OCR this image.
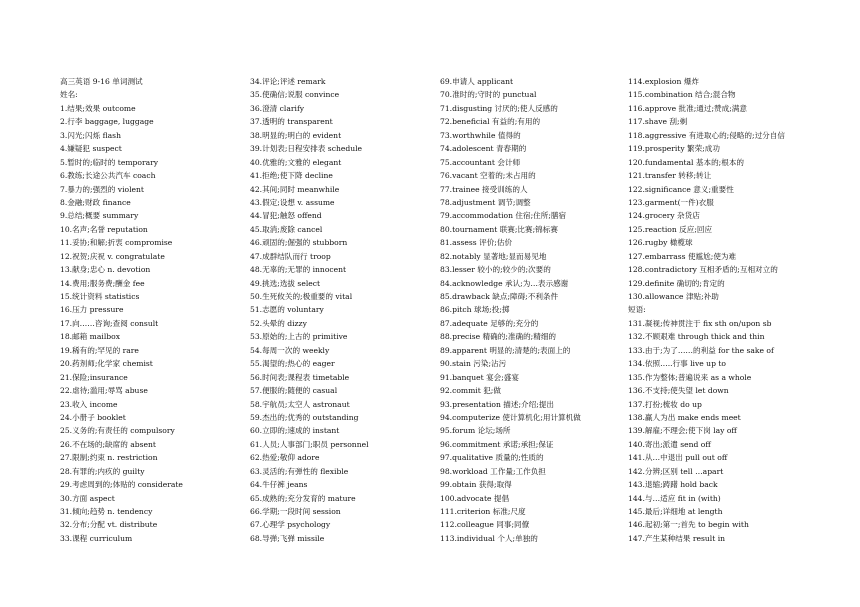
高三英语 9-16 单词测试
姓名:
1.结果;效果 outcome
2.行李 baggage, luggage
3.闪光;闪烁 flash
4.嫌疑犯 suspect
5.暂时的;临时的 temporary
6.教练;长途公共汽车 coach
7.暴力的;强烈的 violent
8.金融;财政 finance
9.总结;概要 summary
10.名声;名誉 reputation
11.妥协;和解;折衷 compromise
12.祝贺;庆祝 v. congratulate
13.献身;忠心 n. devotion
14.费用;服务费;酬金 fee
15.统计资料 statistics
16.压力 pressure
17.向……咨询;查阅 consult
18.邮箱 mailbox
19.稀有的;罕见的 rare
20.药剂师;化学家 chemist
21.保险;insurance
22.虐待;滥用;辱骂 abuse
23.收入 income
24.小册子 booklet
25.义务的;有责任的 compulsory
26.不在场的;缺席的 absent
27.限制;约束 n. restriction
28.有罪的;内疚的 guilty
29.考虑周到的;体贴的 considerate
30.方面 aspect
31.倾向;趋势 n. tendency
32.分布;分配 vt. distribute
33.课程 curriculum
34.评论;评述 remark
35.使确信;说服 convince
36.澄清 clarify
37.透明的 transparent
38.明显的;明白的 evident
39.计划表;日程安排表 schedule
40.优雅的;文雅的 elegant
41.拒绝;使下降 decline
42.其间;同时 meanwhile
43.假定;设想 v. assume
44.冒犯;触怒 offend
45.取消;废除 cancel
46.顽固的;倔强的 stubborn
47.成群结队而行 troop
48.无辜的;无罪的 innocent
49.挑选;选拔 select
50.生死攸关的;极重要的 vital
51.志愿的 voluntary
52.头晕的 dizzy
53.原始的;上古的 primitive
54.每周一次的 weekly
55.渴望的;热心的 eager
56.时间表;课程表 timetable
57.便服的;随便的 casual
58.宇航员;太空人 astronaut
59.杰出的;优秀的 outstanding
60.立即的;速成的 instant
61.人员;人事部门;职员 personnel
62.热爱;敬仰 adore
63.灵活的;有弹性的 flexible
64.牛仔裤 jeans
65.成熟的;充分发育的 mature
66.学期;一段时间 session
67.心理学 psychology
68.导弹;飞弹 missile
69.申请人 applicant
70.准时的;守时的 punctual
71.disgusting 讨厌的;使人反感的
72.beneficial 有益的;有用的
73.worthwhile 值得的
74.adolescent 青春期的
75.accountant 会计师
76.vacant 空着的;未占用的
77.trainee 接受训练的人
78.adjustment 调节;调整
79.accommodation 住宿;住所;膳宿
80.tournament 联赛;比赛;锦标赛
81.assess 评价;估价
82.notably 显著地;显而易见地
83.lesser 较小的;较少的;次要的
84.acknowledge 承认;为…表示感谢
85.drawback 缺点;障碍;不利条件
86.pitch 球场;投;掷
87.adequate 足够的;充分的
88.precise 精确的;准确的;精细的
89.apparent 明显的;清楚的;表面上的
90.stain 污染;沾污
91.banquet 宴会;盛宴
92.commit 犯;做
93.presentation 描述;介绍;提出
94.computerize 使计算机化;用计算机做
95.forum 论坛;场所
96.commitment 承诺;承担;保证
97.qualitative 质量的;性质的
98.workload 工作量;工作负担
99.obtain 获得;取得
100.advocate 提倡
111.criterion 标准;尺度
112.colleague 同事;同僚
113.individual 个人;单独的
114.explosion 爆炸
115.combination 结合;混合物
116.approve 批准;通过;赞成;满意
117.shave 刮;剃
118.aggressive 有进取心的;侵略的;过分自信
119.prosperity 繁荣;成功
120.fundamental 基本的;根本的
121.transfer 转移;转让
122.significance 意义;重要性
123.garment(一件)衣服
124.grocery 杂货店
125.reaction 反应;回应
126.rugby 橄榄球
127.embarrass 使尴尬;使为难
128.contradictory 互相矛盾的;互相对立的
129.definite 确切的;肯定的
130.allowance 津贴;补助
短语:
131.凝视;传神贯注于 fix sth on/upon sb
132.不顾艰难 through thick and thin
133.由于;为了……的利益 for the sake of
134.依照…..行事 live up to
135.作为整体;普遍说来 as a whole
136.不支持;使失望 let down
137.打扮;梳妆 do up
138.赢人为出 make ends meet
139.解雇;不理会;使下岗 lay off
140.寄出;派遣 send off
141.从…中退出 pull out off
142.分辨;区别 tell …apart
143.退缩;踌躇 hold back
144.与…适应 fit in (with)
145.最后;详细地 at length
146.起初;第一;首先 to begin with
147.产生某种结果 result in
